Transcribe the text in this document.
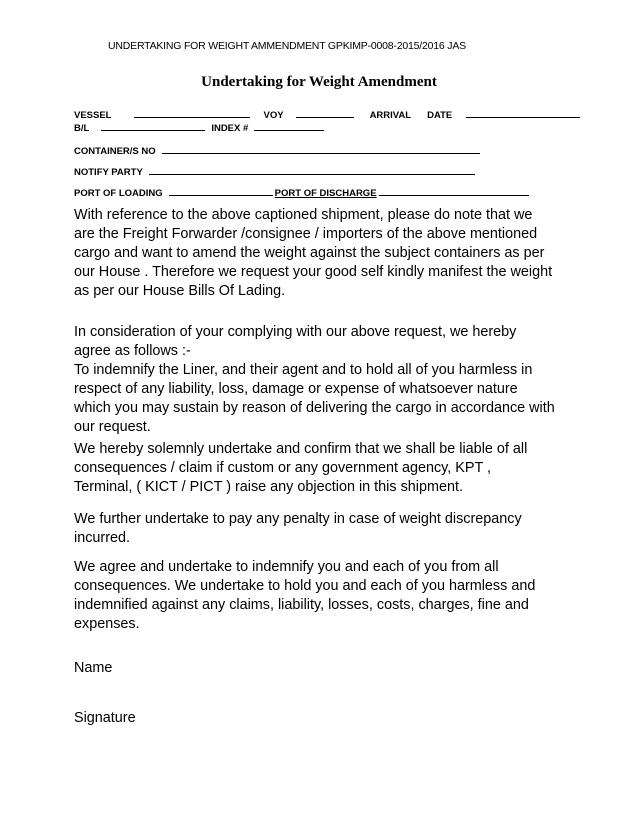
UNDERTAKING FOR WEIGHT AMMENDMENT GPKIMP-0008-2015/2016 JAS
Undertaking for Weight Amendment
VESSEL	VOY	ARRIVAL DATE
B/L	INDEX #
CONTAINER/S NO
NOTIFY PARTY
PORT OF LOADING	PORT OF DISCHARGE
With reference to the above captioned shipment, please do note that we
are the Freight Forwarder /consignee / importers of the above mentioned
cargo and want to amend the weight against the subject containers as per
our House . Therefore we request your good self kindly manifest the weight
as per our House Bills Of Lading.
In consideration of your complying with our above request, we hereby
agree as follows :-
To indemnify the Liner, and their agent and to hold all of you harmless in
respect of any liability, loss, damage or expense of whatsoever nature
which you may sustain by reason of delivering the cargo in accordance with
our request.
We hereby solemnly undertake and confirm that we shall be liable of all
consequences / claim if custom or any government agency, KPT ,
Terminal, ( KICT / PICT ) raise any objection in this shipment.
We further undertake to pay any penalty in case of weight discrepancy
incurred.
We agree and undertake to indemnify you and each of you from all
consequences. We undertake to hold you and each of you harmless and
indemnified against any claims, liability, losses, costs, charges, fine and
expenses.
Name
Signature
